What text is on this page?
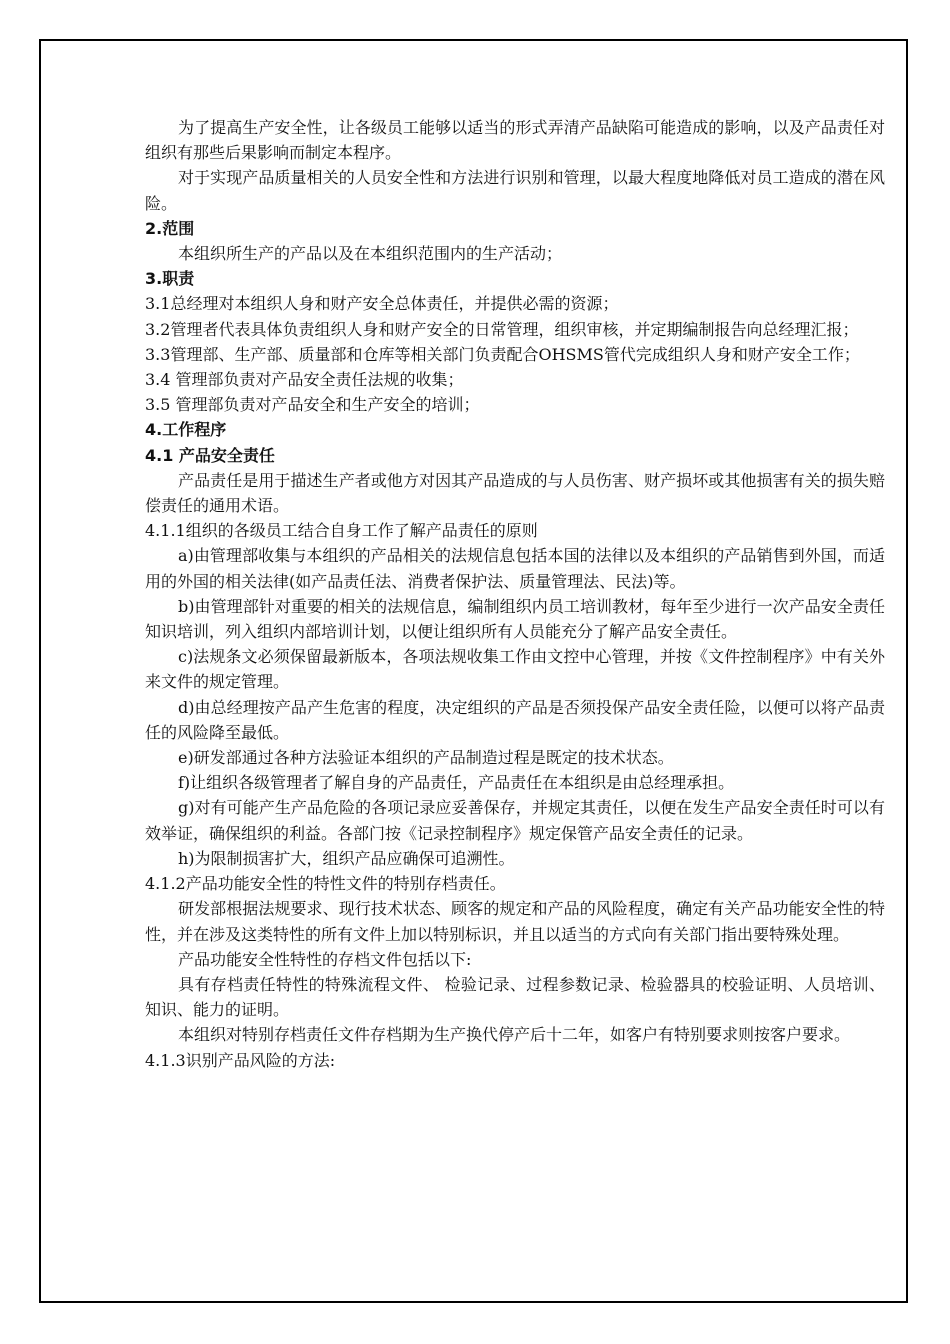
为了提高生产安全性，让各级员工能够以适当的形式弄清产品缺陷可能造成的影响，以及产品责任对组织有那些后果影响而制定本程序。

对于实现产品质量相关的人员安全性和方法进行识别和管理，以最大程度地降低对员工造成的潜在风险。

2.范围

本组织所生产的产品以及在本组织范围内的生产活动；

3.职责

3.1总经理对本组织人身和财产安全总体责任，并提供必需的资源；

3.2管理者代表具体负责组织人身和财产安全的日常管理，组织审核，并定期编制报告向总经理汇报；

3.3管理部、生产部、质量部和仓库等相关部门负责配合OHSMS管代完成组织人身和财产安全工作；

3.4 管理部负责对产品安全责任法规的收集；

3.5 管理部负责对产品安全和生产安全的培训；

4.工作程序

4.1 产品安全责任

产品责任是用于描述生产者或他方对因其产品造成的与人员伤害、财产损坏或其他损害有关的损失赔偿责任的通用术语。

4.1.1组织的各级员工结合自身工作了解产品责任的原则

a)由管理部收集与本组织的产品相关的法规信息包括本国的法律以及本组织的产品销售到外国，而适用的外国的相关法律(如产品责任法、消费者保护法、质量管理法、民法)等。

b)由管理部针对重要的相关的法规信息，编制组织内员工培训教材，每年至少进行一次产品安全责任知识培训，列入组织内部培训计划，以便让组织所有人员能充分了解产品安全责任。

c)法规条文必须保留最新版本，各项法规收集工作由文控中心管理，并按《文件控制程序》中有关外来文件的规定管理。

d)由总经理按产品产生危害的程度，决定组织的产品是否须投保产品安全责任险，以便可以将产品责任的风险降至最低。

e)研发部通过各种方法验证本组织的产品制造过程是既定的技术状态。

f)让组织各级管理者了解自身的产品责任，产品责任在本组织是由总经理承担。

g)对有可能产生产品危险的各项记录应妥善保存，并规定其责任，以便在发生产品安全责任时可以有效举证，确保组织的利益。各部门按《记录控制程序》规定保管产品安全责任的记录。

h)为限制损害扩大，组织产品应确保可追溯性。

4.1.2产品功能安全性的特性文件的特别存档责任。

研发部根据法规要求、现行技术状态、顾客的规定和产品的风险程度，确定有关产品功能安全性的特性，并在涉及这类特性的所有文件上加以特别标识，并且以适当的方式向有关部门指出要特殊处理。

产品功能安全性特性的存档文件包括以下:

具有存档责任特性的特殊流程文件、 检验记录、过程参数记录、检验器具的校验证明、人员培训、知识、能力的证明。

本组织对特别存档责任文件存档期为生产换代停产后十二年，如客户有特别要求则按客户要求。

4.1.3识别产品风险的方法:
